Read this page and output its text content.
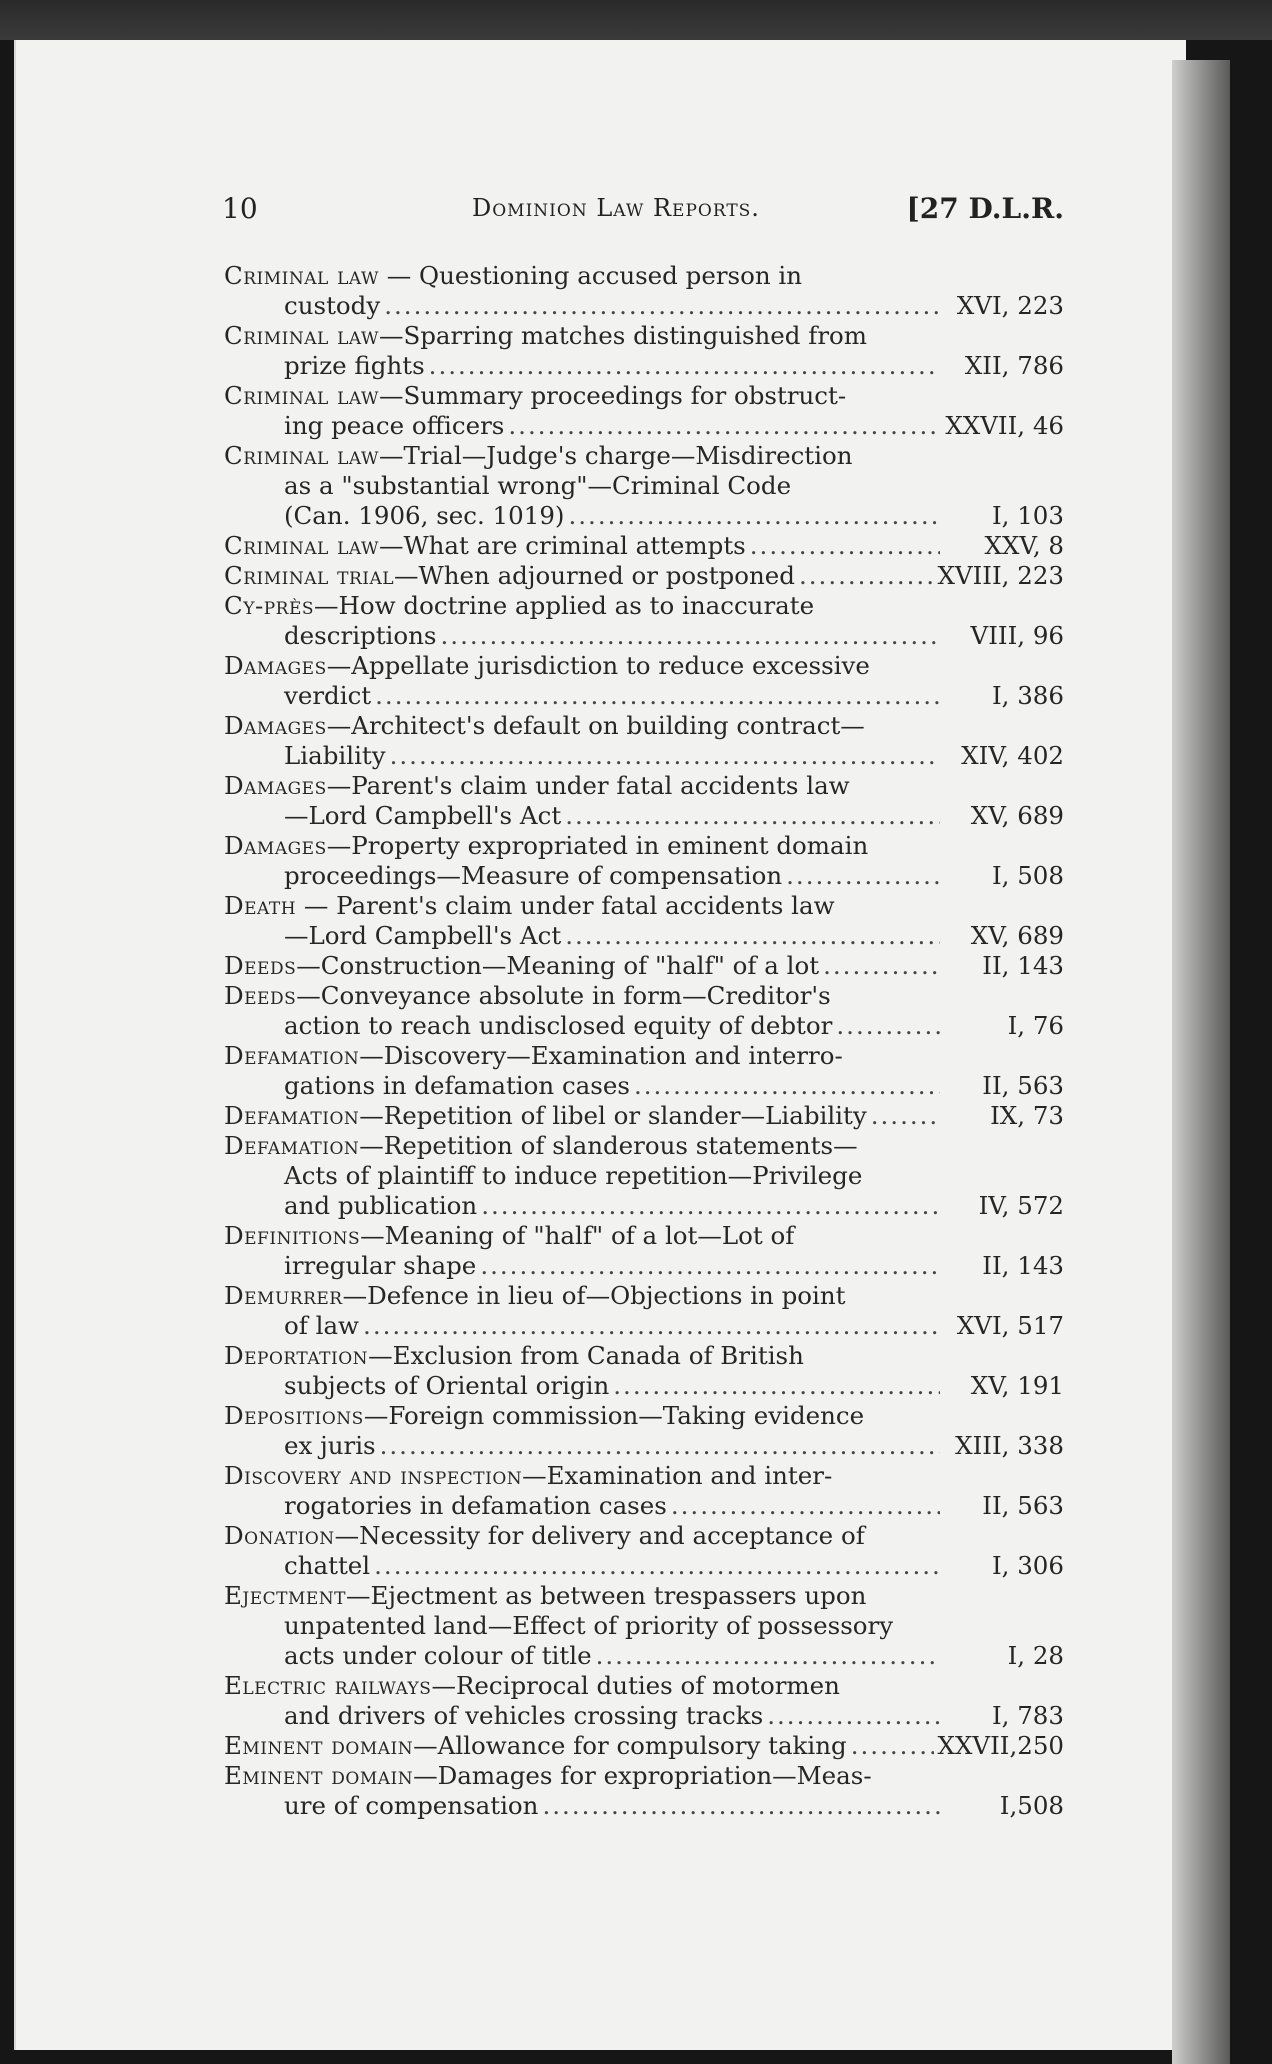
10	Dominion Law Reports.	[27 D.L.R.
Criminal law — Questioning accused person in
custody .....	XVI, 223
Criminal law—Sparring matches distinguished from
prize fights .....	XII, 786
Criminal law—Summary proceedings for obstruct-
ing peace officers .....	XXVII, 46
Criminal law—Trial—Judge's charge—Misdirection
as a "substantial wrong"—Criminal Code
(Can. 1906, sec. 1019) .....	I, 103
Criminal law—What are criminal attempts .....	XXV, 8
Criminal trial—When adjourned or postponed .....	XVIII, 223
Cy-près—How doctrine applied as to inaccurate
descriptions .....	VIII, 96
Damages—Appellate jurisdiction to reduce excessive
verdict .....	I, 386
Damages—Architect's default on building contract—
Liability .....	XIV, 402
Damages—Parent's claim under fatal accidents law
—Lord Campbell's Act .....	XV, 689
Damages—Property expropriated in eminent domain
proceedings—Measure of compensation .....	I, 508
Death — Parent's claim under fatal accidents law
—Lord Campbell's Act .....	XV, 689
Deeds—Construction—Meaning of "half" of a lot .....	II, 143
Deeds—Conveyance absolute in form—Creditor's
action to reach undisclosed equity of debtor .....	I, 76
Defamation—Discovery—Examination and interro-
gations in defamation cases .....	II, 563
Defamation—Repetition of libel or slander—Liability .....	IX, 73
Defamation—Repetition of slanderous statements—
Acts of plaintiff to induce repetition—Privilege
and publication .....	IV, 572
Definitions—Meaning of "half" of a lot—Lot of
irregular shape .....	II, 143
Demurrer—Defence in lieu of—Objections in point
of law .....	XVI, 517
Deportation—Exclusion from Canada of British
subjects of Oriental origin .....	XV, 191
Depositions—Foreign commission—Taking evidence
ex juris .....	XIII, 338
Discovery and inspection—Examination and inter-
rogatories in defamation cases .....	II, 563
Donation—Necessity for delivery and acceptance of
chattel .....	I, 306
Ejectment—Ejectment as between trespassers upon
unpatented land—Effect of priority of possessory
acts under colour of title .....	I, 28
Electric railways—Reciprocal duties of motormen
and drivers of vehicles crossing tracks .....	I, 783
Eminent domain—Allowance for compulsory taking .....	XXVII,250
Eminent domain—Damages for expropriation—Meas-
ure of compensation .....	I,508
